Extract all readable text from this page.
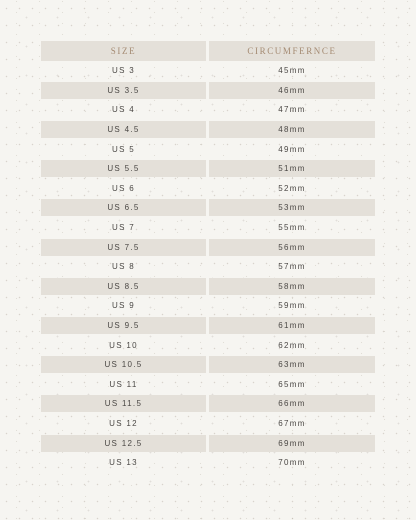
SIZE	CIRCUMFERNCE
US 3	45mm
US 3.5	46mm
US 4	47mm
US 4.5	48mm
US 5	49mm
US 5.5	51mm
US 6	52mm
US 6.5	53mm
US 7	55mm
US 7.5	56mm
US 8	57mm
US 8.5	58mm
US 9	59mm
US 9.5	61mm
US 10	62mm
US 10.5	63mm
US 11	65mm
US 11.5	66mm
US 12	67mm
US 12.5	69mm
US 13	70mm
